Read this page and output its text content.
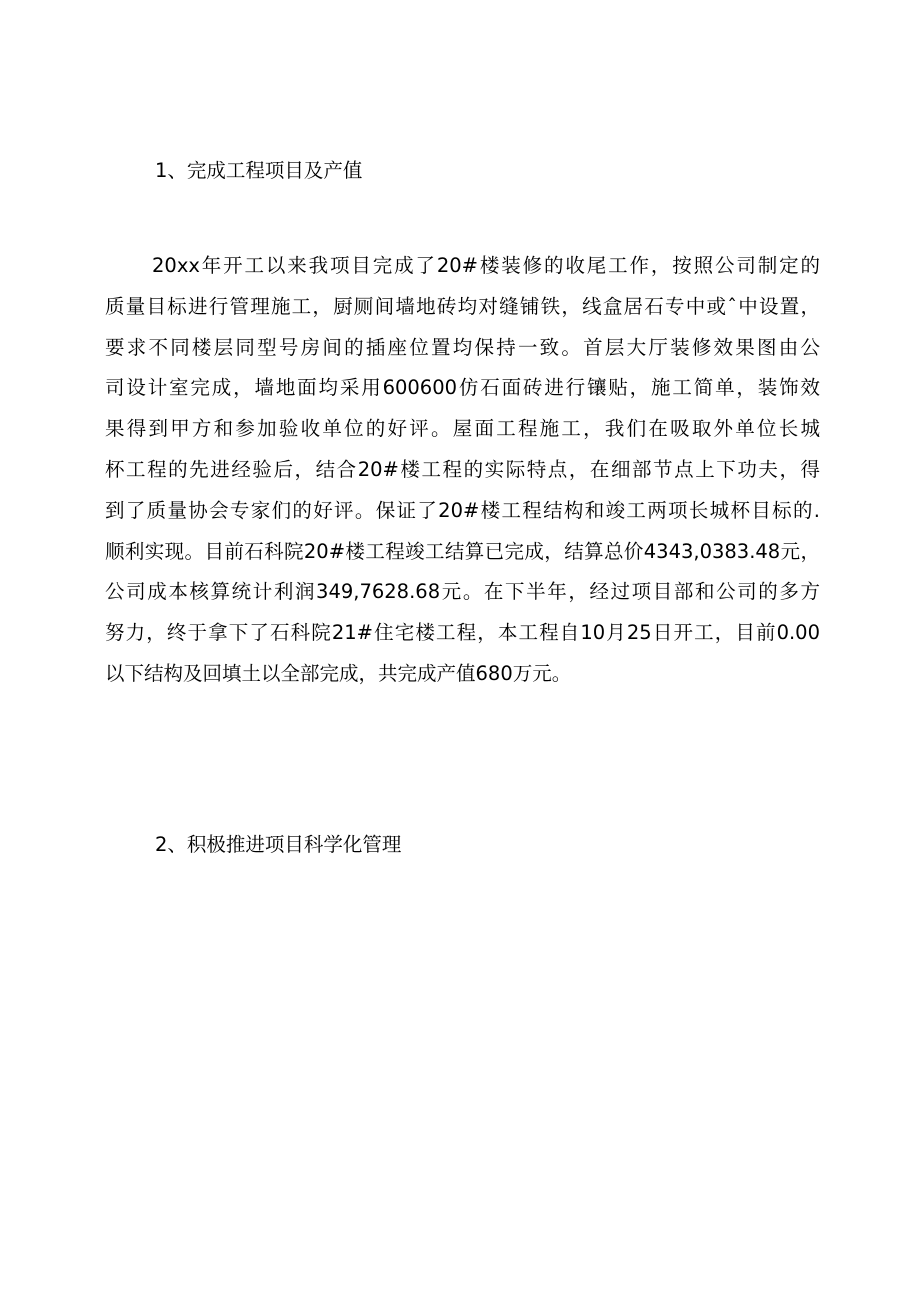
1、完成工程项目及产值
20xx年开工以来我项目完成了20#楼装修的收尾工作，按照公司制定的
质量目标进行管理施工，厨厕间墙地砖均对缝铺铁，线盒居石专中或ˆ中设置，
要求不同楼层同型号房间的插座位置均保持一致。首层大厅装修效果图由公
司设计室完成，墙地面均采用600600仿石面砖进行镶贴，施工简单，装饰效
果得到甲方和参加验收单位的好评。屋面工程施工，我们在吸取外单位长城
杯工程的先进经验后，结合20#楼工程的实际特点，在细部节点上下功夫，得
到了质量协会专家们的好评。保证了20#楼工程结构和竣工两项长城杯目标的.
顺利实现。目前石科院20#楼工程竣工结算已完成，结算总价4343,0383.48元，
公司成本核算统计利润349,7628.68元。在下半年，经过项目部和公司的多方
努力，终于拿下了石科院21#住宅楼工程，本工程自10月25日开工，目前0.00
以下结构及回填土以全部完成，共完成产值680万元。
2、积极推进项目科学化管理
